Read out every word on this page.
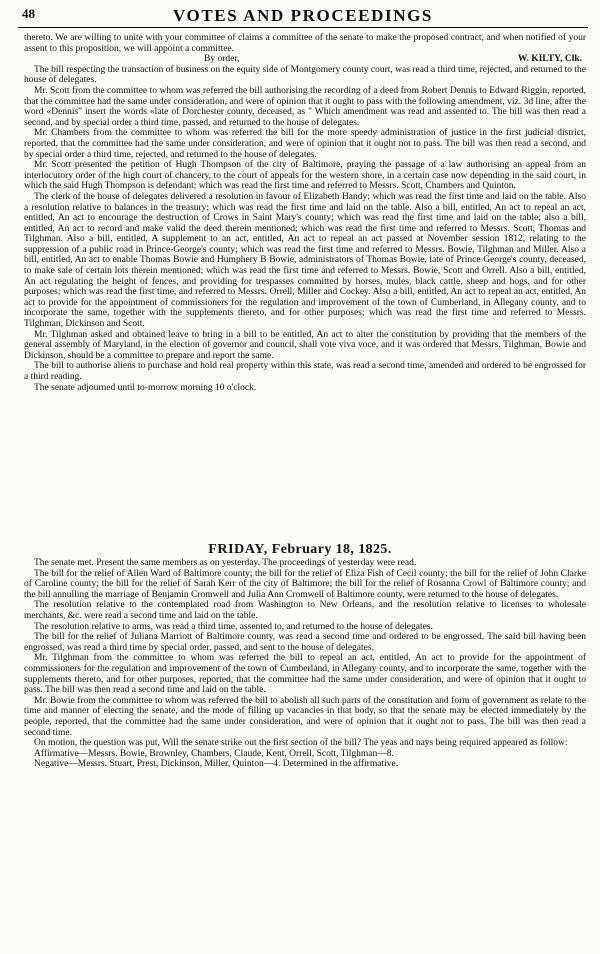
48	VOTES AND PROCEEDINGS

thereto. We are willing to unite with your committee of claims a committee of the senate to make the proposed contract, and when notified of your assent to this proposition, we will appoint a committee.

By order,	W. KILTY, Clk.

The bill respecting the transaction of business on the equity side of Montgomery county court, was read a third time, rejected, and returned to the house of delegates.

Mr. Scott from the committee to whom was referred the bill authorising the recording of a deed from Robert Dennis to Edward Riggin, reported, that the committee had the same under consideration, and were of opinion that it ought to pass with the following amendment, viz. 3d line, after the word «Dennis" insert the words «late of Dorchester county, deceased, as " Which amendment was read and assented to. The bill was then read a second, and by special order a third time, passed, and returned to the house of delegates.

Mr. Chambers from the committee to whom was referred the bill for the more speedy administration of justice in the first judicial district, reported, that the committee had the same under consideration, and were of opinion that it ought not to pass. The bill was then read a second, and by special order a third time, rejected, and returned to the house of delegates.

Mr. Scott presented the petition of Hugh Thompson of the city of Baltimore, praying the passage of a law authorising an appeal from an interlocutory order of the high court of chancery, to the court of appeals for the western shore, in a certain case now depending in the said court, in which the said Hugh Thompson is defendant; which was read the first time and referred to Messrs. Scott, Chambers and Quinton.

The clerk of the house of delegates delivered a resolution in favour of Elizabeth Handy; which was read the first time and laid on the table. Also a resolution relative to balances in the treasury; which was read the first time and laid on the table. Also a bill, entitled, An act to repeal an act, entitled, An act to encourage the destruction of Crows in Saint Mary's county; which was read the first time and laid on the table; also a bill, entitled, An act to record and make valid the deed therein mentioned; which was read the first time and referred to Messrs. Scott, Thomas and Tilghman. Also a bill, entitled, A supplement to an act, entitled, An act to repeal an act passed at November session 1812, relating to the suppression of a public road in Prince-George's county; which was read the first time and referred to Messrs. Bowie, Tilghman and Miller. Also a bill, entitled, An act to enable Thomas Bowie and Humphery B Bowie, administrators of Thomas Bowie, late of Prince George's county, deceased, to make sale of certain lots therein mentioned; which was read the first time and referred to Messrs. Bowie, Scott and Orrell. Also a bill, entitled, An act regulating the height of fences, and providing for trespasses committed by horses, mules, black cattle, sheep and hogs, and for other purposes; which was read the first time, and referred to Messrs. Orrell, Miller and Cockey. Also a bill, entitled, An act to repeal an act, entitled, An act to provide for the appointment of commissioners for the regulation and improvement of the town of Cumberland, in Allegany county, and to incorporate the same, together with the supplements thereto, and for other purposes; which was read the first time and referred to Messrs. Tilghman, Dickinson and Scott.

Mr. Tilghman asked and obtained leave to bring in a bill to be entitled, An act to alter the constitution by providing that the members of the general assembly of Maryland, in the election of governor and council, shall vote viva voce, and it was ordered that Messrs. Tilghman, Bowie and Dickinson, should be a committee to prepare and report the same.

The bill to authorise aliens to purchase and hold real property within this state, was read a second time, amended and ordered to be engrossed for a third reading.

The senate adjourned until to-morrow morning 10 o'clock.

FRIDAY, February 18, 1825.

The senate met. Present the same members as on yesterday. The proceedings of yesterday were read.

The bill for the relief of Allen Ward of Baltimore county; the bill for the relief of Eliza Fish of Cecil county; the bill for the relief of John Clarke of Caroline county; the bill for the relief of Sarah Kerr of the city of Baltimore; the bill for the relief of Rosanna Crowl of Baltimore county; and the bill annulling the marriage of Benjamin Cromwell and Julia Ann Cromwell of Baltimore county, were returned to the house of delegates.

The resolution relative to the contemplated road from Washington to New Orleans, and the resolution relative to licenses to wholesale merchants, &c. were read a second time and laid on the table.

The resolution relative to arms, was read a third time, assented to, and returned to the house of delegates.

The bill for the relief of Juliana Marriott of Baltimore county, was read a second time and ordered to be engrossed. The said bill having been engrossed, was read a third time by special order, passed, and sent to the house of delegates.

Mr. Tilghman from the committee to whom was referred the bill to repeal an act, entitled, An act to provide for the appointment of commissioners for the regulation and improvement of the town of Cumberland, in Allegany county, and to incorporate the same, together with the supplements thereto, and for other purposes, reported, that the committee had the same under consideration, and were of opinion that it ought to pass. The bill was then read a second time and laid on the table.

Mr. Bowie from the committee to whom was referred the bill to abolish all such parts of the constitution and form of government as relate to the time and manner of electing the senate, and the mode of filling up vacancies in that body, so that the senate may be elected immediately by the people, reported, that the committee had the same under consideration, and were of opinion that it ought not to pass. The bill was then read a second time.

On motion, the question was put, Will the senate strike out the first section of the bill? The yeas and nays being required appeared as follow:

Affirmative—Messrs. Bowie, Brownley, Chambers, Claude, Kent, Orrell, Scott, Tilghman—8.

Negative—Messrs. Stuart, Prest, Dickinson, Miller, Quinton—4. Determined in the affirmative.
